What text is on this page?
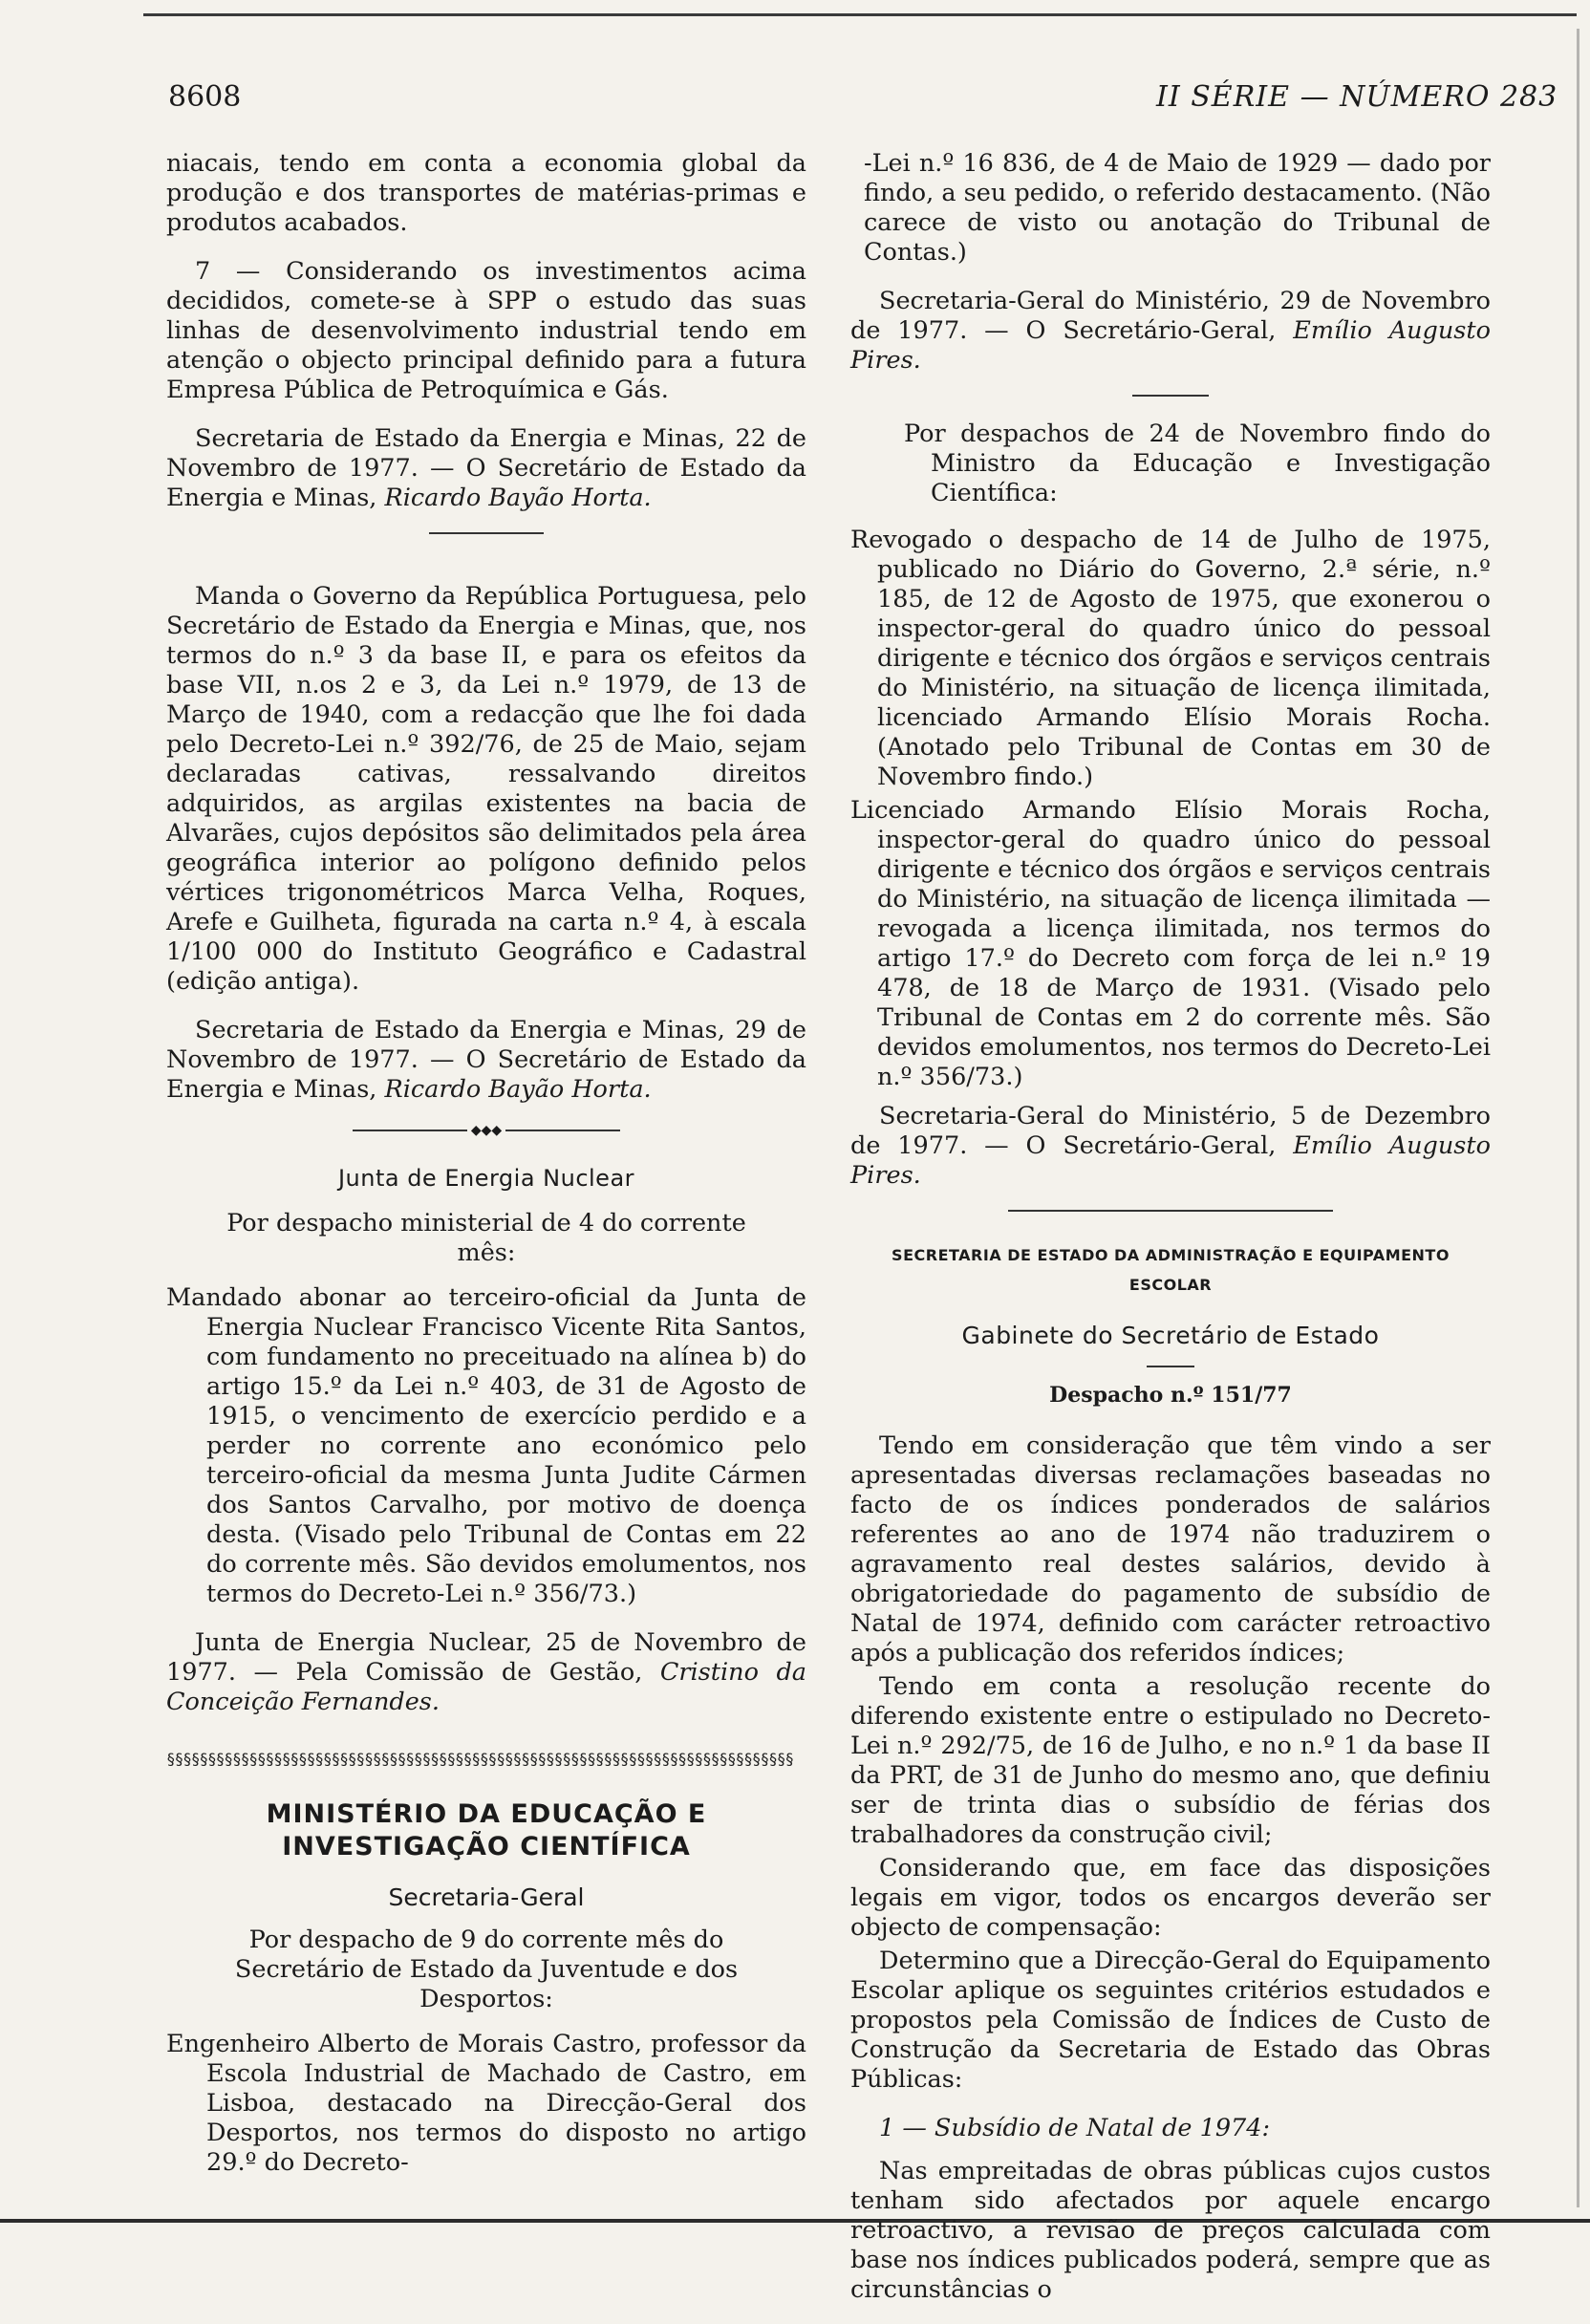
8608	II SÉRIE — NÚMERO 283

niacais, tendo em conta a economia global da produção e dos transportes de matérias-primas e produtos acabados.

7 — Considerando os investimentos acima decididos, comete-se à SPP o estudo das suas linhas de desenvolvimento industrial tendo em atenção o objecto principal definido para a futura Empresa Pública de Petroquímica e Gás.

Secretaria de Estado da Energia e Minas, 22 de Novembro de 1977. — O Secretário de Estado da Energia e Minas, Ricardo Bayão Horta.

Manda o Governo da República Portuguesa, pelo Secretário de Estado da Energia e Minas, que, nos termos do n.º 3 da base II, e para os efeitos da base VII, n.os 2 e 3, da Lei n.º 1979, de 13 de Março de 1940, com a redacção que lhe foi dada pelo Decreto-Lei n.º 392/76, de 25 de Maio, sejam declaradas cativas, ressalvando direitos adquiridos, as argilas existentes na bacia de Alvarães, cujos depósitos são delimitados pela área geográfica interior ao polígono definido pelos vértices trigonométricos Marca Velha, Roques, Arefe e Guilheta, figurada na carta n.º 4, à escala 1/100 000 do Instituto Geográfico e Cadastral (edição antiga).

Secretaria de Estado da Energia e Minas, 29 de Novembro de 1977. — O Secretário de Estado da Energia e Minas, Ricardo Bayão Horta.

◆◆◆
Junta de Energia Nuclear

Por despacho ministerial de 4 do corrente mês:

Mandado abonar ao terceiro-oficial da Junta de Energia Nuclear Francisco Vicente Rita Santos, com fundamento no preceituado na alínea b) do artigo 15.º da Lei n.º 403, de 31 de Agosto de 1915, o vencimento de exercício perdido e a perder no corrente ano económico pelo terceiro-oficial da mesma Junta Judite Cármen dos Santos Carvalho, por motivo de doença desta. (Visado pelo Tribunal de Contas em 22 do corrente mês. São devidos emolumentos, nos termos do Decreto-Lei n.º 356/73.)

Junta de Energia Nuclear, 25 de Novembro de 1977. — Pela Comissão de Gestão, Cristino da Conceição Fernandes.

§§§§§§§§§§§§§§§§§§§§§§§§§§§§§§§§§§§§§§§§§§§§§§§§§§§§§§§§§§§§§§§§§§§§§§§§§§§§
MINISTÉRIO DA EDUCAÇÃO E INVESTIGAÇÃO CIENTÍFICA
Secretaria-Geral

Por despacho de 9 do corrente mês do Secretário de Estado da Juventude e dos Desportos:

Engenheiro Alberto de Morais Castro, professor da Escola Industrial de Machado de Castro, em Lisboa, destacado na Direcção-Geral dos Desportos, nos termos do disposto no artigo 29.º do Decreto-

-Lei n.º 16 836, de 4 de Maio de 1929 — dado por findo, a seu pedido, o referido destacamento. (Não carece de visto ou anotação do Tribunal de Contas.)

Secretaria-Geral do Ministério, 29 de Novembro de 1977. — O Secretário-Geral, Emílio Augusto Pires.

Por despachos de 24 de Novembro findo do Ministro da Educação e Investigação Científica:

Revogado o despacho de 14 de Julho de 1975, publicado no Diário do Governo, 2.ª série, n.º 185, de 12 de Agosto de 1975, que exonerou o inspector-geral do quadro único do pessoal dirigente e técnico dos órgãos e serviços centrais do Ministério, na situação de licença ilimitada, licenciado Armando Elísio Morais Rocha. (Anotado pelo Tribunal de Contas em 30 de Novembro findo.)

Licenciado Armando Elísio Morais Rocha, inspector-geral do quadro único do pessoal dirigente e técnico dos órgãos e serviços centrais do Ministério, na situação de licença ilimitada — revogada a licença ilimitada, nos termos do artigo 17.º do Decreto com força de lei n.º 19 478, de 18 de Março de 1931. (Visado pelo Tribunal de Contas em 2 do corrente mês. São devidos emolumentos, nos termos do Decreto-Lei n.º 356/73.)

Secretaria-Geral do Ministério, 5 de Dezembro de 1977. — O Secretário-Geral, Emílio Augusto Pires.

SECRETARIA DE ESTADO DA ADMINISTRAÇÃO E EQUIPAMENTO ESCOLAR
Gabinete do Secretário de Estado
Despacho n.º 151/77

Tendo em consideração que têm vindo a ser apresentadas diversas reclamações baseadas no facto de os índices ponderados de salários referentes ao ano de 1974 não traduzirem o agravamento real destes salários, devido à obrigatoriedade do pagamento de subsídio de Natal de 1974, definido com carácter retroactivo após a publicação dos referidos índices;

Tendo em conta a resolução recente do diferendo existente entre o estipulado no Decreto-Lei n.º 292/75, de 16 de Julho, e no n.º 1 da base II da PRT, de 31 de Junho do mesmo ano, que definiu ser de trinta dias o subsídio de férias dos trabalhadores da construção civil;

Considerando que, em face das disposições legais em vigor, todos os encargos deverão ser objecto de compensação:

Determino que a Direcção-Geral do Equipamento Escolar aplique os seguintes critérios estudados e propostos pela Comissão de Índices de Custo de Construção da Secretaria de Estado das Obras Públicas:

1 — Subsídio de Natal de 1974:

Nas empreitadas de obras públicas cujos custos tenham sido afectados por aquele encargo retroactivo, a revisão de preços calculada com base nos índices publicados poderá, sempre que as circunstâncias o
